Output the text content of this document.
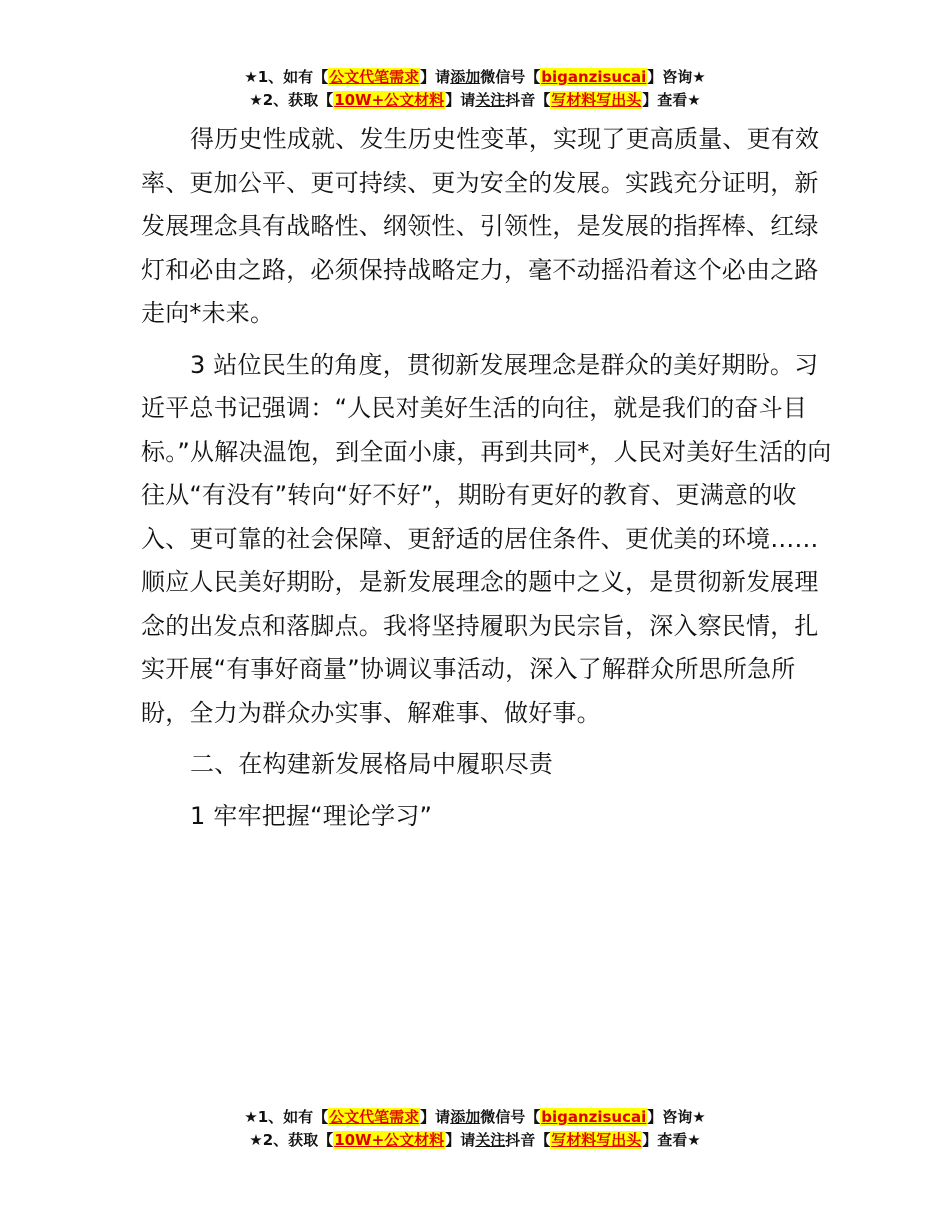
★1、如有【公文代笔需求】请添加微信号【biganzisucai】咨询★
★2、获取【10W+公文材料】请关注抖音【写材料写出头】查看★

得历史性成就、发生历史性变革，实现了更高质量、更有效率、更加公平、更可持续、更为安全的发展。实践充分证明，新发展理念具有战略性、纲领性、引领性，是发展的指挥棒、红绿灯和必由之路，必须保持战略定力，毫不动摇沿着这个必由之路走向*未来。

3 站位民生的角度，贯彻新发展理念是群众的美好期盼。习近平总书记强调：“人民对美好生活的向往，就是我们的奋斗目标。”从解决温饱，到全面小康，再到共同*，人民对美好生活的向往从“有没有”转向“好不好”，期盼有更好的教育、更满意的收入、更可靠的社会保障、更舒适的居住条件、更优美的环境……顺应人民美好期盼，是新发展理念的题中之义，是贯彻新发展理念的出发点和落脚点。我将坚持履职为民宗旨，深入察民情，扎实开展“有事好商量”协调议事活动，深入了解群众所思所急所盼，全力为群众办实事、解难事、做好事。

二、在构建新发展格局中履职尽责

1 牢牢把握“理论学习”

★1、如有【公文代笔需求】请添加微信号【biganzisucai】咨询★
★2、获取【10W+公文材料】请关注抖音【写材料写出头】查看★
